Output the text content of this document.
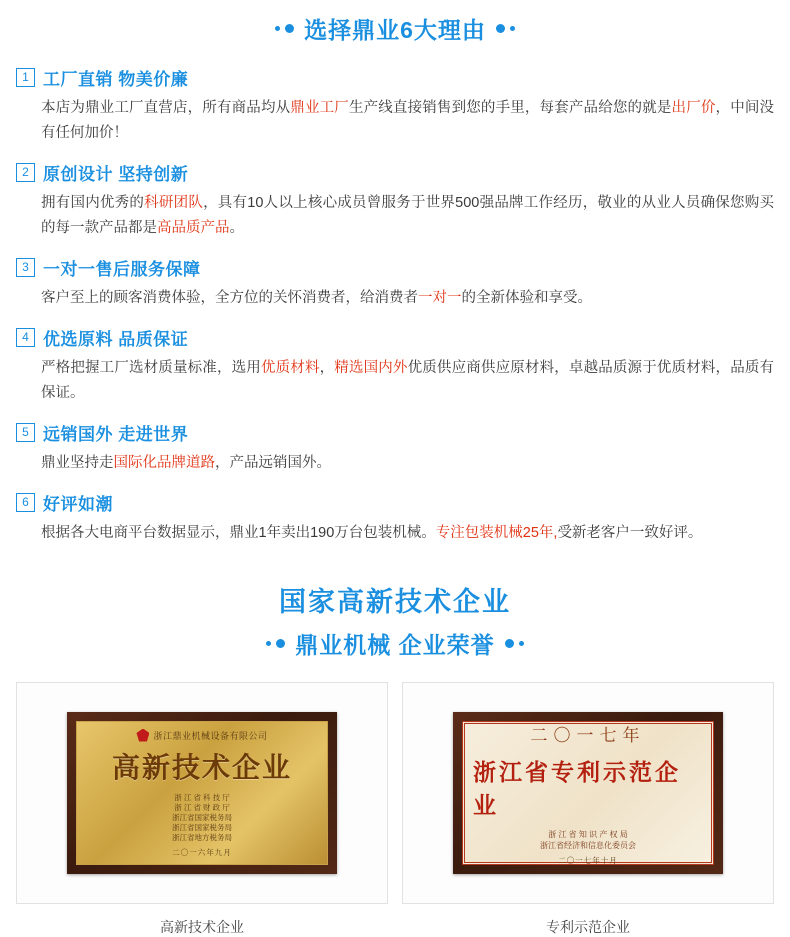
选择鼎业6大理由
1 工厂直销 物美价廉
本店为鼎业工厂直营店，所有商品均从鼎业工厂生产线直接销售到您的手里，每套产品给您的就是出厂价，中间没有任何加价！
2 原创设计 坚持创新
拥有国内优秀的科研团队，具有10人以上核心成员曾服务于世界500强品牌工作经历，敬业的从业人员确保您购买的每一款产品都是高品质产品。
3 一对一售后服务保障
客户至上的顾客消费体验，全方位的关怀消费者，给消费者一对一的全新体验和享受。
4 优选原料 品质保证
严格把握工厂选材质量标准，选用优质材料，精选国内外优质供应商供应原材料，卓越品质源于优质材料，品质有保证。
5 远销国外 走进世界
鼎业坚持走国际化品牌道路，产品远销国外。
6 好评如潮
根据各大电商平台数据显示，鼎业1年卖出190万台包装机械。专注包装机械25年,受新老客户一致好评。
国家高新技术企业
鼎业机械 企业荣誉
浙江鼎业机械设备有限公司
高新技术企业
浙 江 省 科 技 厅
浙 江 省 财 政 厅
浙江省国家税务局
浙江省国家税务局
浙江省地方税务局
二〇一六年九月
高新技术企业
二〇一七年
浙江省专利示范企业
浙 江 省 知 识 产 权 局
浙江省经济和信息化委员会
二〇一七年十月
专利示范企业
